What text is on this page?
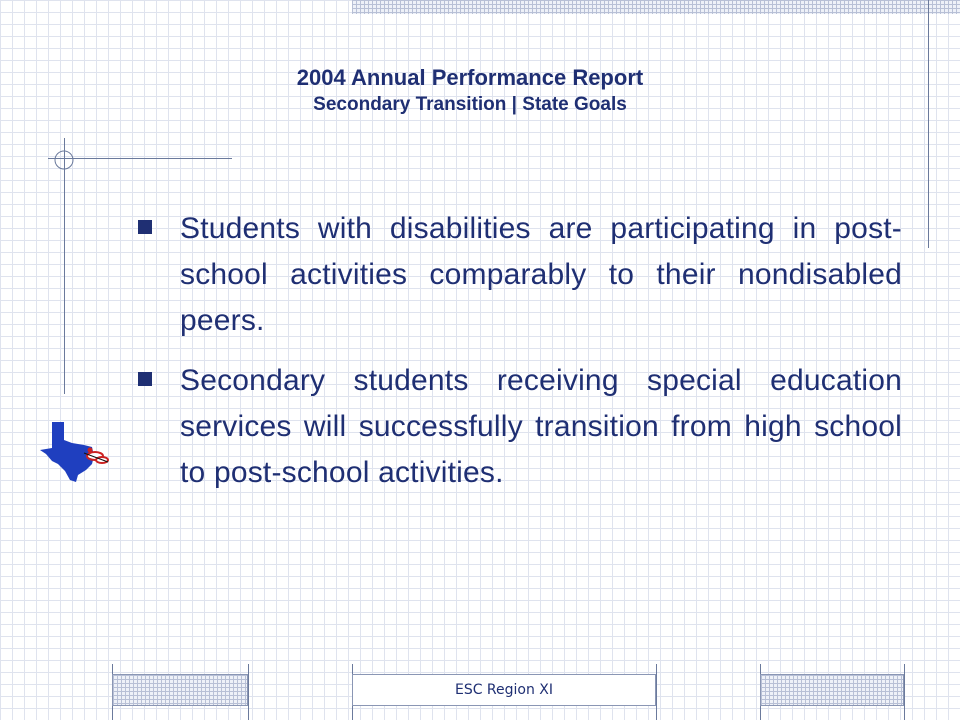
2004 Annual Performance Report
Secondary Transition | State Goals
Students with disabilities are participating in post-school activities comparably to their nondisabled peers.
Secondary students receiving special education services will successfully transition from high school to post-school activities.
ESC Region XI
